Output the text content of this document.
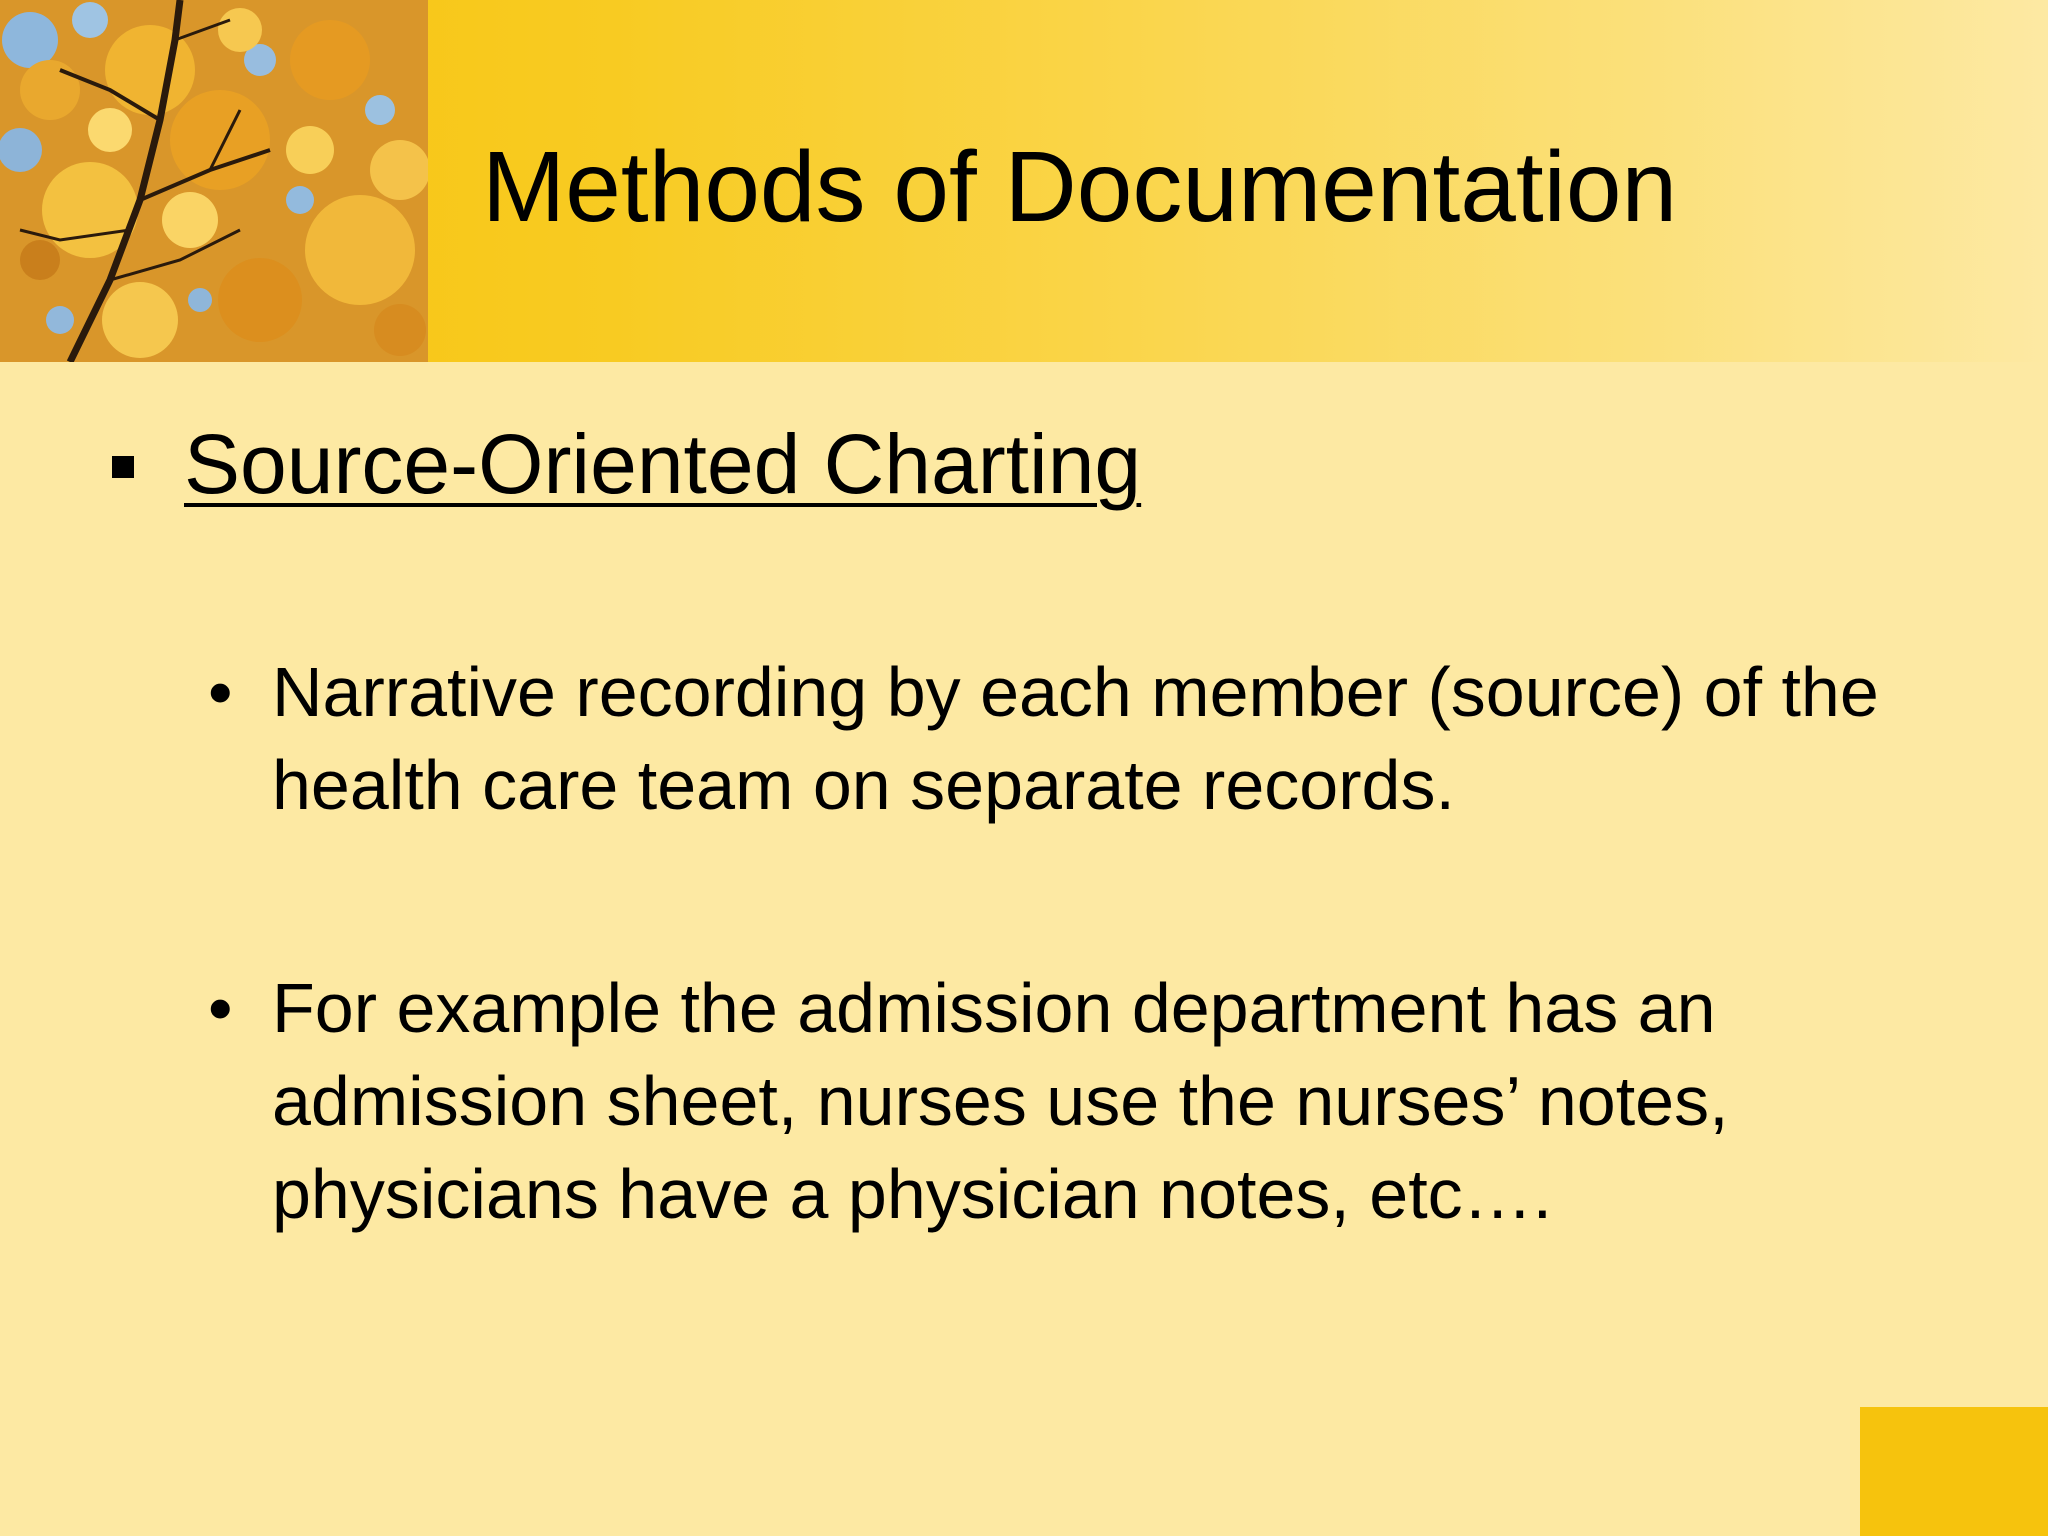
Methods of Documentation
Source-Oriented Charting
• Narrative recording by each member (source) of the health care team on separate records.
• For example the admission department has an admission sheet, nurses use the nurses’ notes, physicians have a physician notes, etc….
